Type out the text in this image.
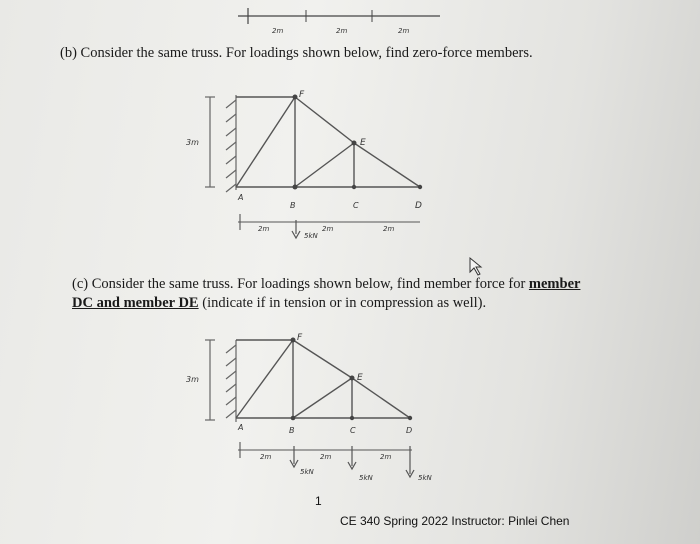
2m	2m	2m
F
E
A
B	C	D
3m
2m	2m	2m
5kN
F
E
A	B	C	D
3m
2m	2m	2m
5kN
5kN	5kN
(b) Consider the same truss. For loadings shown below, find zero-force members.
(c) Consider the same truss. For loadings shown below, find member force for member DC and member DE (indicate if in tension or in compression as well).
1
CE 340 Spring 2022 Instructor: Pinlei Chen
